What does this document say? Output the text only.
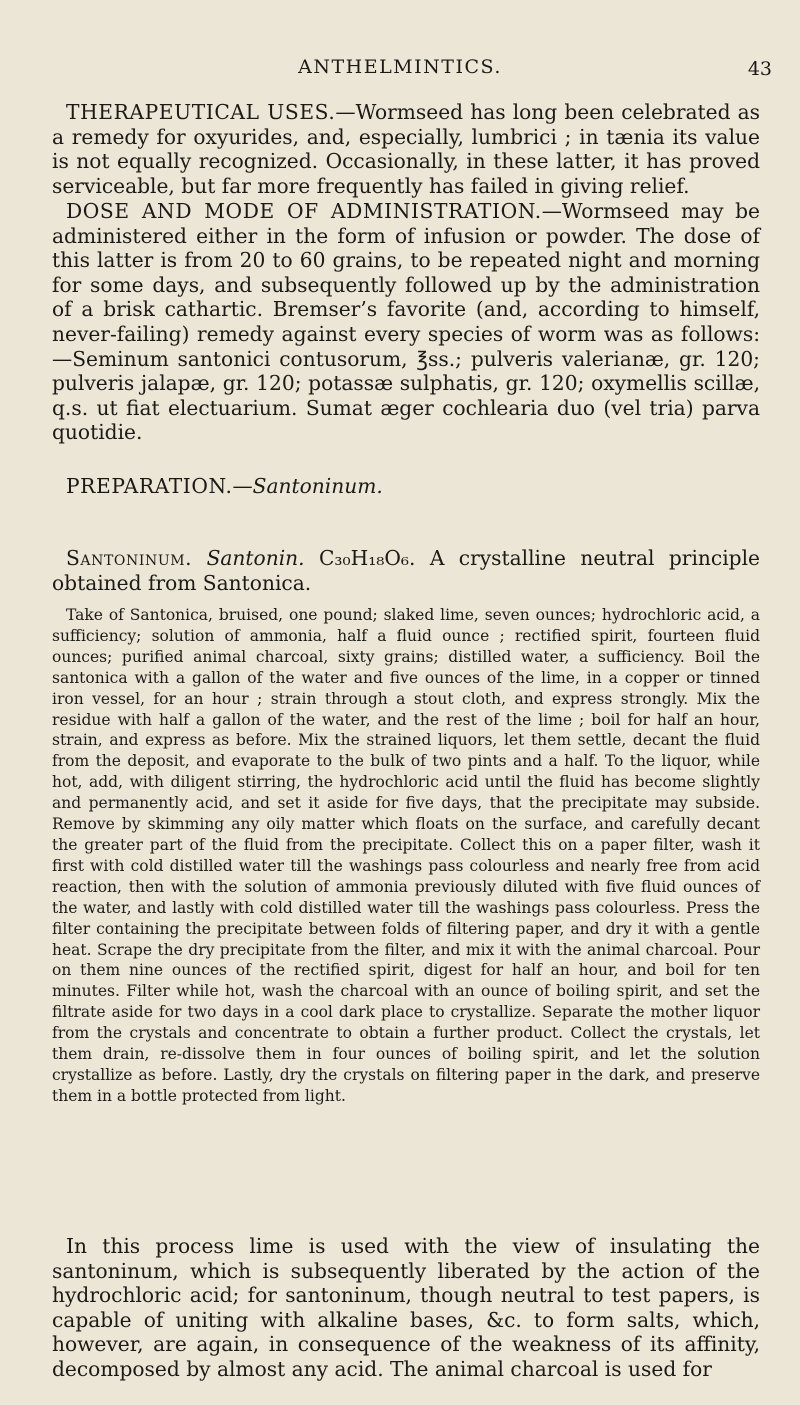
ANTHELMINTICS.	43

THERAPEUTICAL USES.—Wormseed has long been celebrated as a remedy for oxyurides, and, especially, lumbrici ; in tænia its value is not equally recognized. Occasionally, in these latter, it has proved serviceable, but far more frequently has failed in giving relief.

DOSE AND MODE OF ADMINISTRATION.—Wormseed may be administered either in the form of infusion or powder. The dose of this latter is from 20 to 60 grains, to be repeated night and morning for some days, and subsequently followed up by the administration of a brisk cathartic. Bremser’s favorite (and, according to himself, never-failing) remedy against every species of worm was as follows:—Seminum santonici contusorum, ℥ss.; pulveris valerianæ, gr. 120; pulveris jalapæ, gr. 120; potassæ sulphatis, gr. 120; oxymellis scillæ, q.s. ut fiat electuarium. Sumat æger cochlearia duo (vel tria) parva quotidie.

PREPARATION.—Santoninum.

Santoninum. Santonin. C₃₀H₁₈O₆. A crystalline neutral principle obtained from Santonica.

Take of Santonica, bruised, one pound; slaked lime, seven ounces; hydrochloric acid, a sufficiency; solution of ammonia, half a fluid ounce ; rectified spirit, fourteen fluid ounces; purified animal charcoal, sixty grains; distilled water, a sufficiency. Boil the santonica with a gallon of the water and five ounces of the lime, in a copper or tinned iron vessel, for an hour ; strain through a stout cloth, and express strongly. Mix the residue with half a gallon of the water, and the rest of the lime ; boil for half an hour, strain, and express as before. Mix the strained liquors, let them settle, decant the fluid from the deposit, and evaporate to the bulk of two pints and a half. To the liquor, while hot, add, with diligent stirring, the hydrochloric acid until the fluid has become slightly and permanently acid, and set it aside for five days, that the precipitate may subside. Remove by skimming any oily matter which floats on the surface, and carefully decant the greater part of the fluid from the precipitate. Collect this on a paper filter, wash it first with cold distilled water till the washings pass colourless and nearly free from acid reaction, then with the solution of ammonia previously diluted with five fluid ounces of the water, and lastly with cold distilled water till the washings pass colourless. Press the filter containing the precipitate between folds of filtering paper, and dry it with a gentle heat. Scrape the dry precipitate from the filter, and mix it with the animal charcoal. Pour on them nine ounces of the rectified spirit, digest for half an hour, and boil for ten minutes. Filter while hot, wash the charcoal with an ounce of boiling spirit, and set the filtrate aside for two days in a cool dark place to crystallize. Separate the mother liquor from the crystals and concentrate to obtain a further product. Collect the crystals, let them drain, re-dissolve them in four ounces of boiling spirit, and let the solution crystallize as before. Lastly, dry the crystals on filtering paper in the dark, and preserve them in a bottle protected from light.

In this process lime is used with the view of insulating the santoninum, which is subsequently liberated by the action of the hydrochloric acid; for santoninum, though neutral to test papers, is capable of uniting with alkaline bases, &c. to form salts, which, however, are again, in consequence of the weakness of its affinity, decomposed by almost any acid. The animal charcoal is used for
